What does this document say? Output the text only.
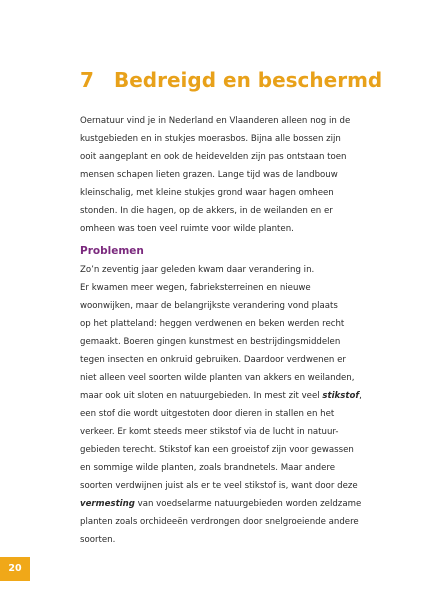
7 Bedreigd en beschermd

Oernatuur vind je in Nederland en Vlaanderen alleen nog in de
kustgebieden en in stukjes moerasbos. Bijna alle bossen zijn
ooit aangeplant en ook de heidevelden zijn pas ontstaan toen
mensen schapen lieten grazen. Lange tijd was de landbouw
kleinschalig, met kleine stukjes grond waar hagen omheen
stonden. In die hagen, op de akkers, in de weilanden en er
omheen was toen veel ruimte voor wilde planten.

Problemen

Zo’n zeventig jaar geleden kwam daar verandering in.
Er kwamen meer wegen, fabrieksterreinen en nieuwe
woonwijken, maar de belangrijkste verandering vond plaats
op het platteland: heggen verdwenen en beken werden recht
gemaakt. Boeren gingen kunstmest en bestrijdingsmiddelen
tegen insecten en onkruid gebruiken. Daardoor verdwenen er
niet alleen veel soorten wilde planten van akkers en weilanden,
maar ook uit sloten en natuurgebieden. In mest zit veel stikstof,
een stof die wordt uitgestoten door dieren in stallen en het
verkeer. Er komt steeds meer stikstof via de lucht in natuur-
gebieden terecht. Stikstof kan een groeistof zijn voor gewassen
en sommige wilde planten, zoals brandnetels. Maar andere
soorten verdwijnen juist als er te veel stikstof is, want door deze
vermesting van voedselarme natuurgebieden worden zeldzame
planten zoals orchideeën verdrongen door snelgroeiende andere
soorten.

20
